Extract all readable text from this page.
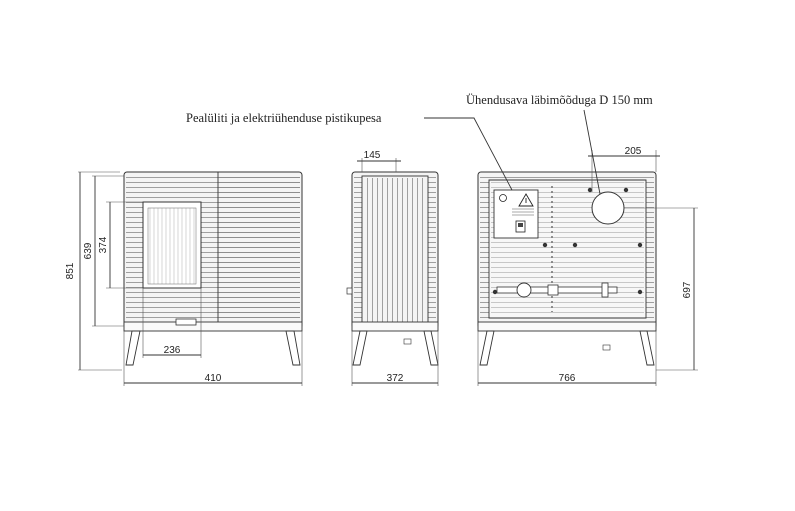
851
639 374
236
410
145
372
205
697
766
Pealüliti ja elektriühenduse pistikupesa
Ühendusava läbimõõduga D 150 mm
